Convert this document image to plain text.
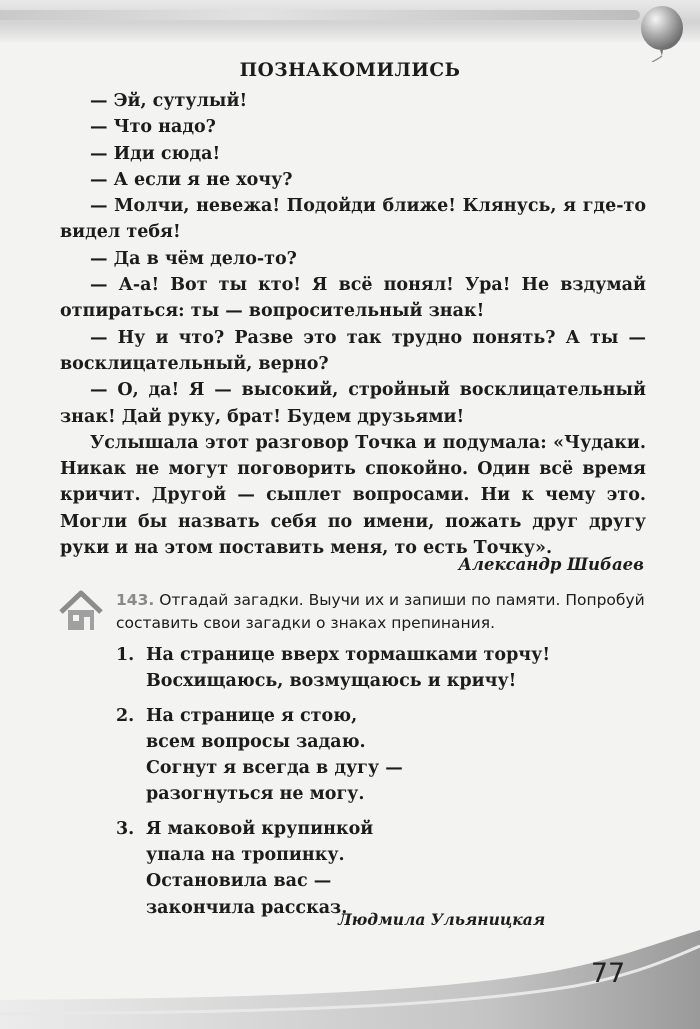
77
ПОЗНАКОМИЛИСЬ

— Эй, сутулый!

— Что надо?

— Иди сюда!

— А если я не хочу?

— Молчи, невежа! Подойди ближе! Клянусь, я где-то видел тебя!

— Да в чём дело-то?

— А-а! Вот ты кто! Я всё понял! Ура! Не вздумай отпираться: ты — вопросительный знак!

— Ну и что? Разве это так трудно понять? А ты — восклицательный, верно?

— О, да! Я — высокий, стройный восклицательный знак! Дай руку, брат! Будем друзьями!

Услышала этот разговор Точка и подумала: «Чудаки. Никак не могут поговорить спокойно. Один всё время кричит. Другой — сыплет вопросами. Ни к чему это. Могли бы назвать себя по имени, пожать друг другу руки и на этом поставить меня, то есть Точку».

Александр Шибаев
143. Отгадай загадки. Выучи их и запиши по памяти. Попробуй составить свои загадки о знаках препинания.
1. На странице вверх тормашками торчу!
Восхищаюсь, возмущаюсь и кричу!
2. На странице я стою,
всем вопросы задаю.
Согнут я всегда в дугу —
разогнуться не могу.
3. Я маковой крупинкой
упала на тропинку.
Остановила вас —
закончила рассказ.
Людмила Ульяницкая
